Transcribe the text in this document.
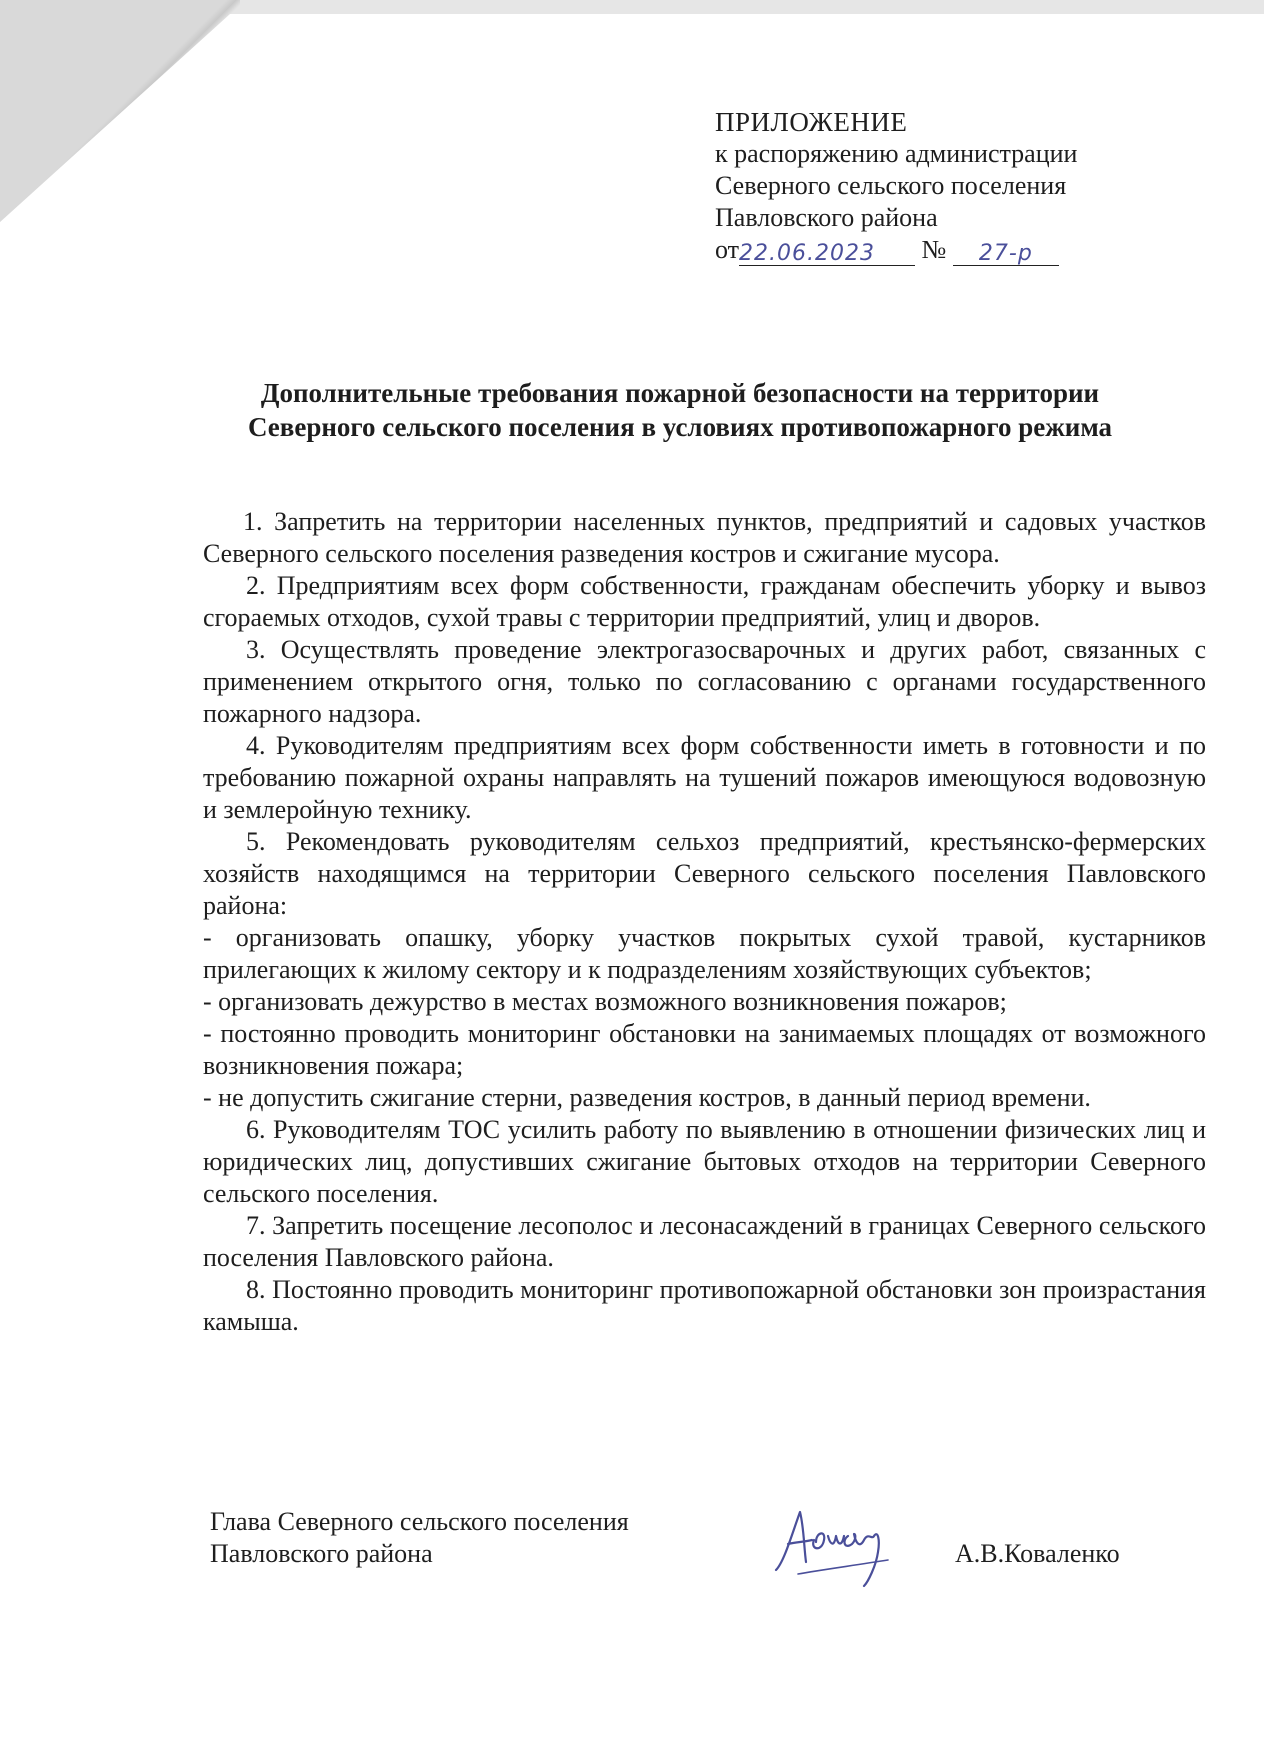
ПРИЛОЖЕНИЕ
к распоряжению администрации
Северного сельского поселения
Павловского района
от22.06.2023 № 27-р
Дополнительные требования пожарной безопасности на территории
Северного сельского поселения в условиях противопожарного режима

1. Запретить на территории населенных пунктов, предприятий и садовых участков Северного сельского поселения разведения костров и сжигание мусора.

2. Предприятиям всех форм собственности, гражданам обеспечить уборку и вывоз сгораемых отходов, сухой травы с территории предприятий, улиц и дворов.

3. Осуществлять проведение электрогазосварочных и других работ, связанных с применением открытого огня, только по согласованию с органами государственного пожарного надзора.

4. Руководителям предприятиям всех форм собственности иметь в готовности и по требованию пожарной охраны направлять на тушений пожаров имеющуюся водовозную и землеройную технику.

5. Рекомендовать руководителям сельхоз предприятий, крестьянско-фермерских хозяйств находящимся на территории Северного сельского поселения Павловского района:

- организовать опашку, уборку участков покрытых сухой травой, кустарников прилегающих к жилому сектору и к подразделениям хозяйствующих субъектов;

- организовать дежурство в местах возможного возникновения пожаров;

- постоянно проводить мониторинг обстановки на занимаемых площадях от возможного возникновения пожара;

- не допустить сжигание стерни, разведения костров, в данный период времени.

6. Руководителям ТОС усилить работу по выявлению в отношении физических лиц и юридических лиц, допустивших сжигание бытовых отходов на территории Северного сельского поселения.

7. Запретить посещение лесополос и лесонасаждений в границах Северного сельского поселения Павловского района.

8. Постоянно проводить мониторинг противопожарной обстановки зон произрастания камыша.

Глава Северного сельского поселения
Павловского района	А.В.Коваленко
